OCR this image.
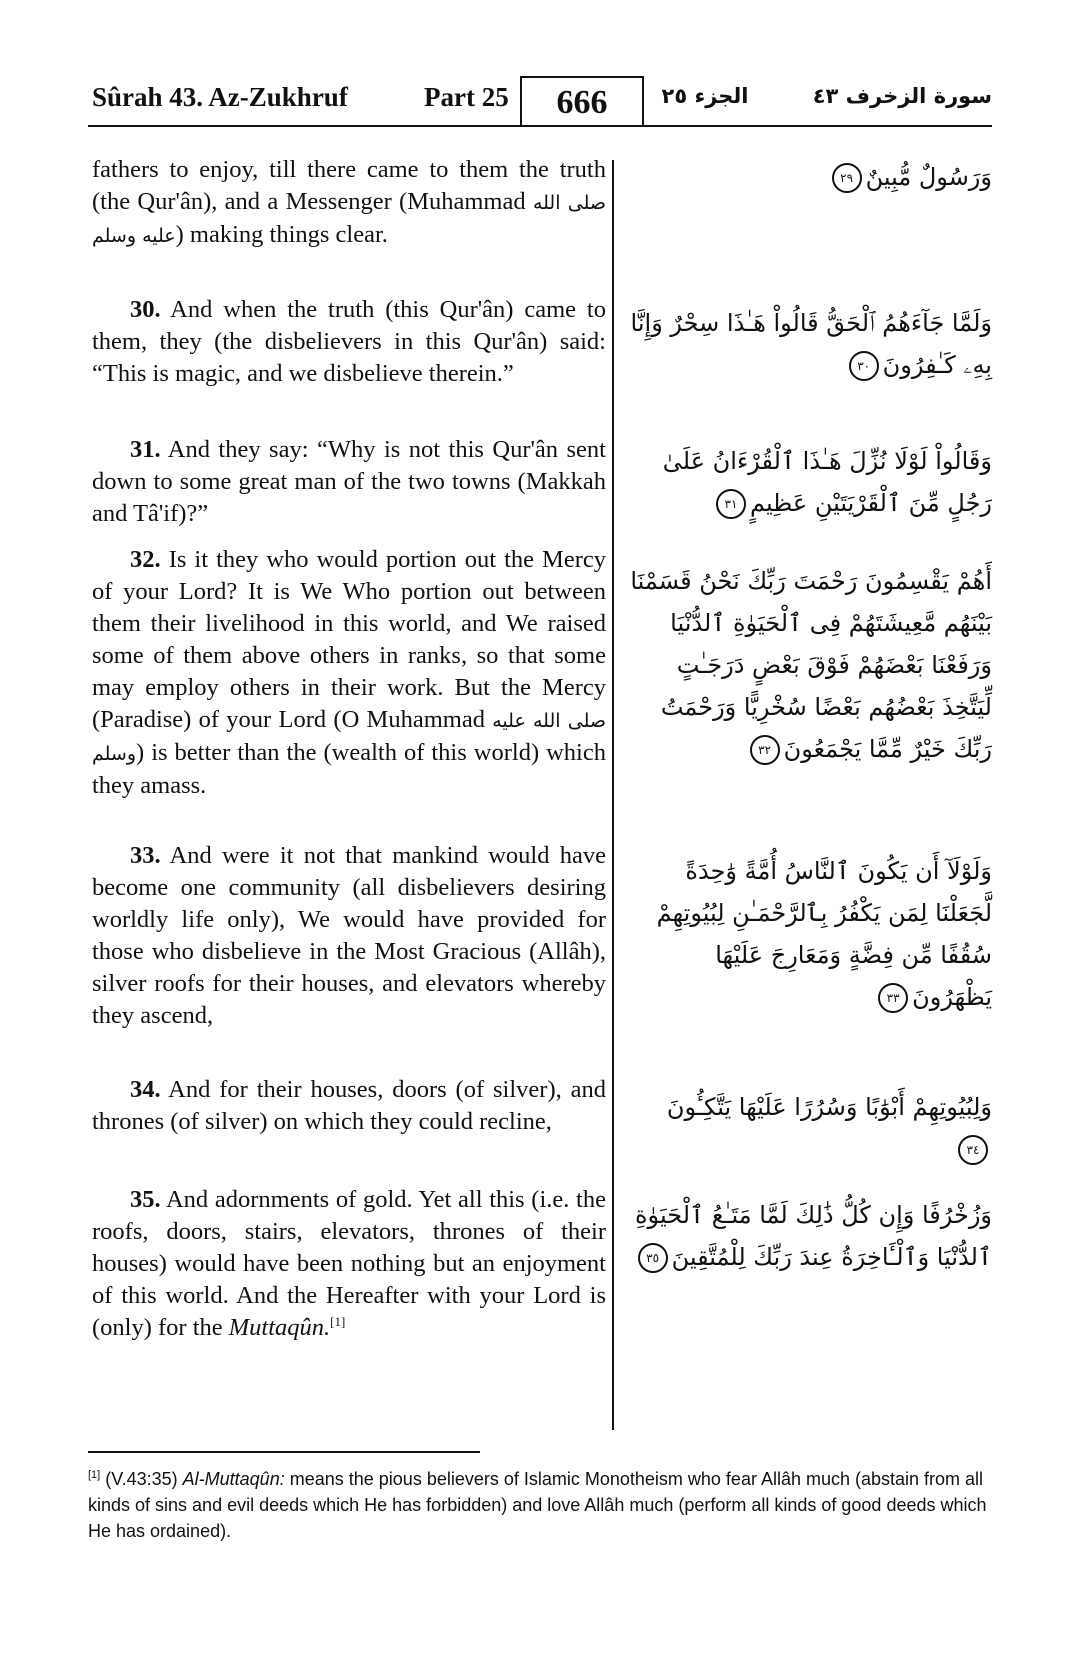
Sûrah 43. Az-Zukhruf	Part 25	666	الجزء ٢٥	سورة الزخرف ٤٣

fathers to enjoy, till there came to them the truth (the Qur'ân), and a Messenger (Muhammad صلى الله عليه وسلم) making things clear.

وَرَسُولٌ مُّبِينٌ٢٩

30. And when the truth (this Qur'ân) came to them, they (the disbelievers in this Qur'ân) said: “This is magic, and we disbelieve therein.”

وَلَمَّا جَآءَهُمُ ٱلْحَقُّ قَالُواْ هَـٰذَا سِحْرٌ وَإِنَّا بِهِۦ كَـٰفِرُونَ٣٠

31. And they say: “Why is not this Qur'ân sent down to some great man of the two towns (Makkah and Tâ'if)?”

وَقَالُواْ لَوْلَا نُزِّلَ هَـٰذَا ٱلْقُرْءَانُ عَلَىٰ رَجُلٍ مِّنَ ٱلْقَرْيَتَيْنِ عَظِيمٍ٣١

32. Is it they who would portion out the Mercy of your Lord? It is We Who portion out between them their livelihood in this world, and We raised some of them above others in ranks, so that some may employ others in their work. But the Mercy (Paradise) of your Lord (O Muhammad صلى الله عليه وسلم) is better than the (wealth of this world) which they amass.

أَهُمْ يَقْسِمُونَ رَحْمَتَ رَبِّكَ نَحْنُ قَسَمْنَا بَيْنَهُم مَّعِيشَتَهُمْ فِى ٱلْحَيَوٰةِ ٱلدُّنْيَا وَرَفَعْنَا بَعْضَهُمْ فَوْقَ بَعْضٍ دَرَجَـٰتٍ لِّيَتَّخِذَ بَعْضُهُم بَعْضًا سُخْرِيًّا وَرَحْمَتُ رَبِّكَ خَيْرٌ مِّمَّا يَجْمَعُونَ٣٢

33. And were it not that mankind would have become one community (all disbelievers desiring worldly life only), We would have provided for those who disbelieve in the Most Gracious (Allâh), silver roofs for their houses, and elevators whereby they ascend,

وَلَوْلَآ أَن يَكُونَ ٱلنَّاسُ أُمَّةً وَٰحِدَةً لَّجَعَلْنَا لِمَن يَكْفُرُ بِٱلرَّحْمَـٰنِ لِبُيُوتِهِمْ سُقُفًا مِّن فِضَّةٍ وَمَعَارِجَ عَلَيْهَا يَظْهَرُونَ٣٣

34. And for their houses, doors (of silver), and thrones (of silver) on which they could recline,

وَلِبُيُوتِهِمْ أَبْوَٰبًا وَسُرُرًا عَلَيْهَا يَتَّكِـُٔونَ٣٤

35. And adornments of gold. Yet all this (i.e. the roofs, doors, stairs, elevators, thrones of their houses) would have been nothing but an enjoyment of this world. And the Hereafter with your Lord is (only) for the Muttaqûn.[1]

وَزُخْرُفًا وَإِن كُلُّ ذَٰلِكَ لَمَّا مَتَـٰعُ ٱلْحَيَوٰةِ ٱلدُّنْيَا وَٱلْـَٔاخِرَةُ عِندَ رَبِّكَ لِلْمُتَّقِينَ٣٥

[1] (V.43:35) Al-Muttaqûn: means the pious believers of Islamic Monotheism who fear Allâh much (abstain from all kinds of sins and evil deeds which He has forbidden) and love Allâh much (perform all kinds of good deeds which He has ordained).
